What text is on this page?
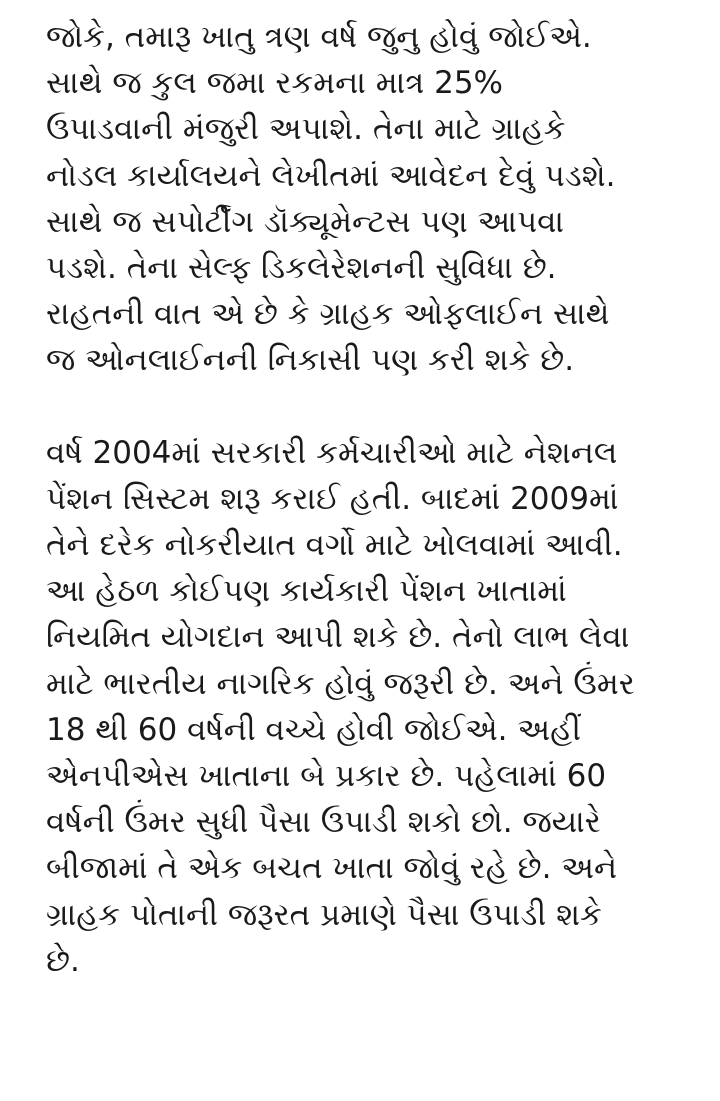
જોકે, તમારૂ ખાતુ ત્રણ વર્ષ જુનુ હોવું જોઈએ.
સાથે જ કુલ જમા રકમના માત્ર 25%
ઉપાડવાની મંજુરી અપાશે. તેના માટે ગ્રાહકે
નોડલ કાર્યાલયને લેખીતમાં આવેદન દેવું પડશે.
સાથે જ સપોર્ટીંગ ડૉક્યૂમેન્ટસ પણ આપવા
પડશે. તેના સેલ્ફ ડિકલેરેશનની સુવિધા છે.
રાહતની વાત એ છે કે ગ્રાહક ઓફલાઈન સાથે
જ ઓનલાઈનની નિકાસી પણ કરી શકે છે.

વર્ષ 2004માં સરકારી કર્મચારીઓ માટે નેશનલ
પેંશન સિસ્ટમ શરૂ કરાઈ હતી. બાદમાં 2009માં
તેને દરેક નોકરીયાત વર્ગો માટે ખોલવામાં આવી.
આ હેઠળ કોઈપણ કાર્યકારી પેંશન ખાતામાં
નિયમિત યોગદાન આપી શકે છે. તેનો લાભ લેવા
માટે ભારતીય નાગરિક હોવું જરૂરી છે. અને ઉંમર
18 થી 60 વર્ષની વચ્ચે હોવી જોઈએ. અહીં
એનપીએસ ખાતાના બે પ્રકાર છે. પહેલામાં 60
વર્ષની ઉંમર સુધી પૈસા ઉપાડી શકો છો. જયારે
બીજામાં તે એક બચત ખાતા જોવું રહે છે. અને
ગ્રાહક પોતાની જરૂરત પ્રમાણે પૈસા ઉપાડી શકે
છે.
